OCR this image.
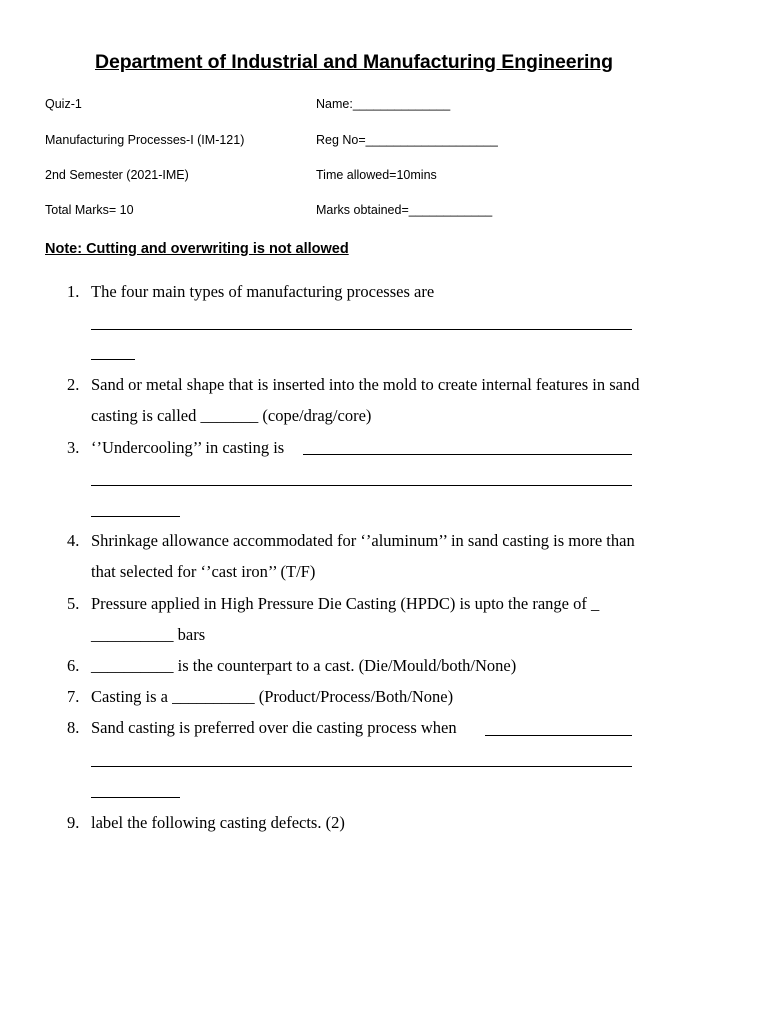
Department of Industrial and Manufacturing Engineering
Quiz-1	Name:______________
Manufacturing Processes-I (IM-121)	Reg No=___________________
2nd Semester (2021-IME)	Time allowed=10mins
Total Marks= 10	Marks obtained=____________
Note: Cutting and overwriting is not allowed
1. The four main types of manufacturing processes are
2. Sand or metal shape that is inserted into the mold to create internal features in sand
casting is called _______ (cope/drag/core)
3. ‘’Undercooling’’ in casting is
4. Shrinkage allowance accommodated for ‘’aluminum’’ in sand casting is more than
that selected for ‘’cast iron’’ (T/F)
5. Pressure applied in High Pressure Die Casting (HPDC) is upto the range of _
__________ bars
6. __________ is the counterpart to a cast. (Die/Mould/both/None)
7. Casting is a __________ (Product/Process/Both/None)
8. Sand casting is preferred over die casting process when
9. label the following casting defects. (2)
